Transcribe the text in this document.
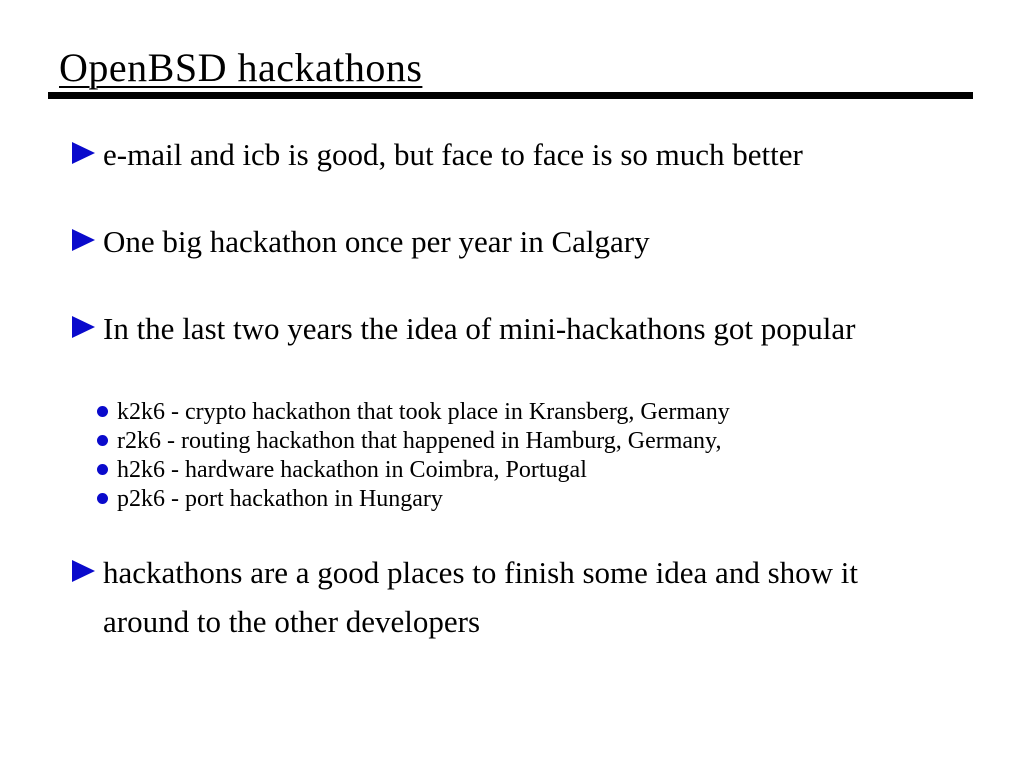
OpenBSD hackathons
e-mail and icb is good, but face to face is so much better
One big hackathon once per year in Calgary
In the last two years the idea of mini-hackathons got popular
k2k6 - crypto hackathon that took place in Kransberg, Germany
r2k6 - routing hackathon that happened in Hamburg, Germany,
h2k6 - hardware hackathon in Coimbra, Portugal
p2k6 - port hackathon in Hungary
hackathons are a good places to finish some idea and show it
around to the other developers
